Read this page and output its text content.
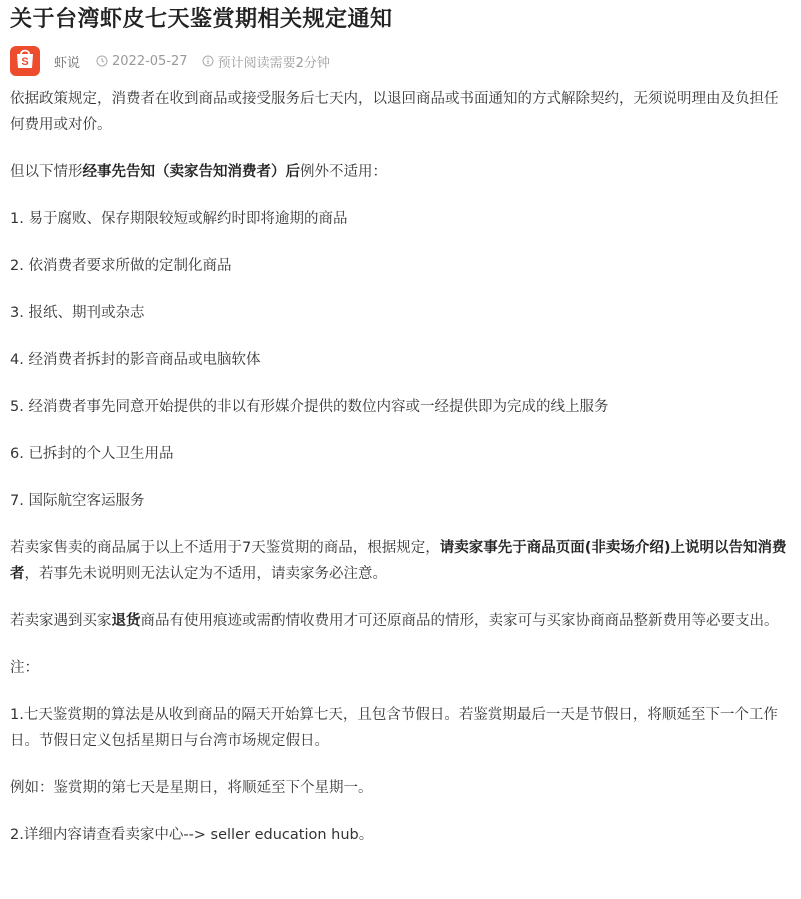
关于台湾虾皮七天鉴赏期相关规定通知
S 虾说 2022-05-27 预计阅读需要2分钟

依据政策规定，消费者在收到商品或接受服务后七天内，以退回商品或书面通知的方式解除契约，无须说明理由及负担任何费用或对价。

但以下情形经事先告知（卖家告知消费者）后例外不适用：

1. 易于腐败、保存期限较短或解约时即将逾期的商品

2. 依消费者要求所做的定制化商品

3. 报纸、期刊或杂志

4. 经消费者拆封的影音商品或电脑软体

5. 经消费者事先同意开始提供的非以有形媒介提供的数位内容或一经提供即为完成的线上服务

6. 已拆封的个人卫生用品

7. 国际航空客运服务

若卖家售卖的商品属于以上不适用于7天鉴赏期的商品，根据规定，请卖家事先于商品页面(非卖场介绍)上说明以告知消费者，若事先未说明则无法认定为不适用，请卖家务必注意。

若卖家遇到买家退货商品有使用痕迹或需酌情收费用才可还原商品的情形，卖家可与买家协商商品整新费用等必要支出。

注：

1.七天鉴赏期的算法是从收到商品的隔天开始算七天，且包含节假日。若鉴赏期最后一天是节假日，将顺延至下一个工作日。节假日定义包括星期日与台湾市场规定假日。

例如：鉴赏期的第七天是星期日，将顺延至下个星期一。

2.详细内容请查看卖家中心--> seller education hub。
